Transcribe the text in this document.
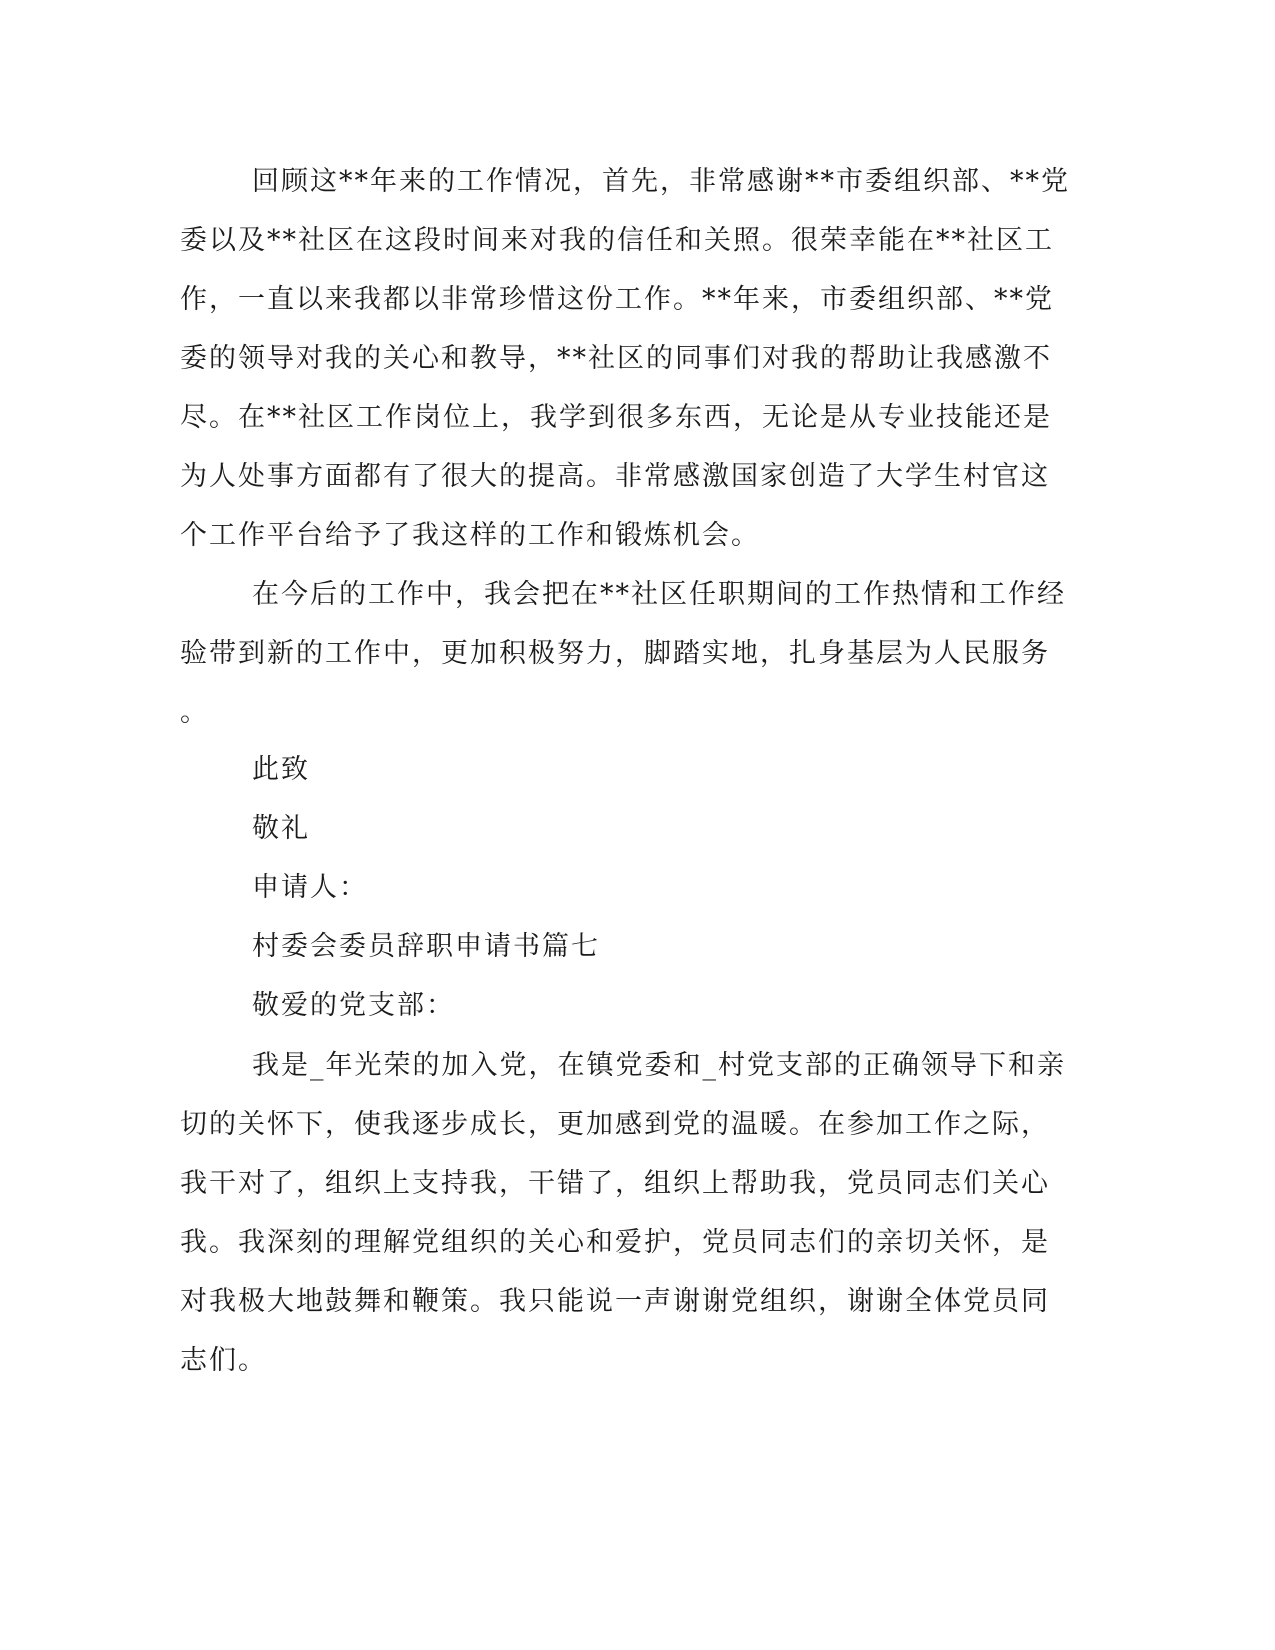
回顾这**年来的工作情况，首先，非常感谢**市委组织部、**党
委以及**社区在这段时间来对我的信任和关照。很荣幸能在**社区工
作，一直以来我都以非常珍惜这份工作。**年来，市委组织部、**党
委的领导对我的关心和教导，**社区的同事们对我的帮助让我感激不
尽。在**社区工作岗位上，我学到很多东西，无论是从专业技能还是
为人处事方面都有了很大的提高。非常感激国家创造了大学生村官这
个工作平台给予了我这样的工作和锻炼机会。
在今后的工作中，我会把在**社区任职期间的工作热情和工作经
验带到新的工作中，更加积极努力，脚踏实地，扎身基层为人民服务
。
此致
敬礼
申请人：
村委会委员辞职申请书篇七
敬爱的党支部：
我是_年光荣的加入党，在镇党委和_村党支部的正确领导下和亲
切的关怀下，使我逐步成长，更加感到党的温暖。在参加工作之际，
我干对了，组织上支持我，干错了，组织上帮助我，党员同志们关心
我。我深刻的理解党组织的关心和爱护，党员同志们的亲切关怀，是
对我极大地鼓舞和鞭策。我只能说一声谢谢党组织，谢谢全体党员同
志们。
